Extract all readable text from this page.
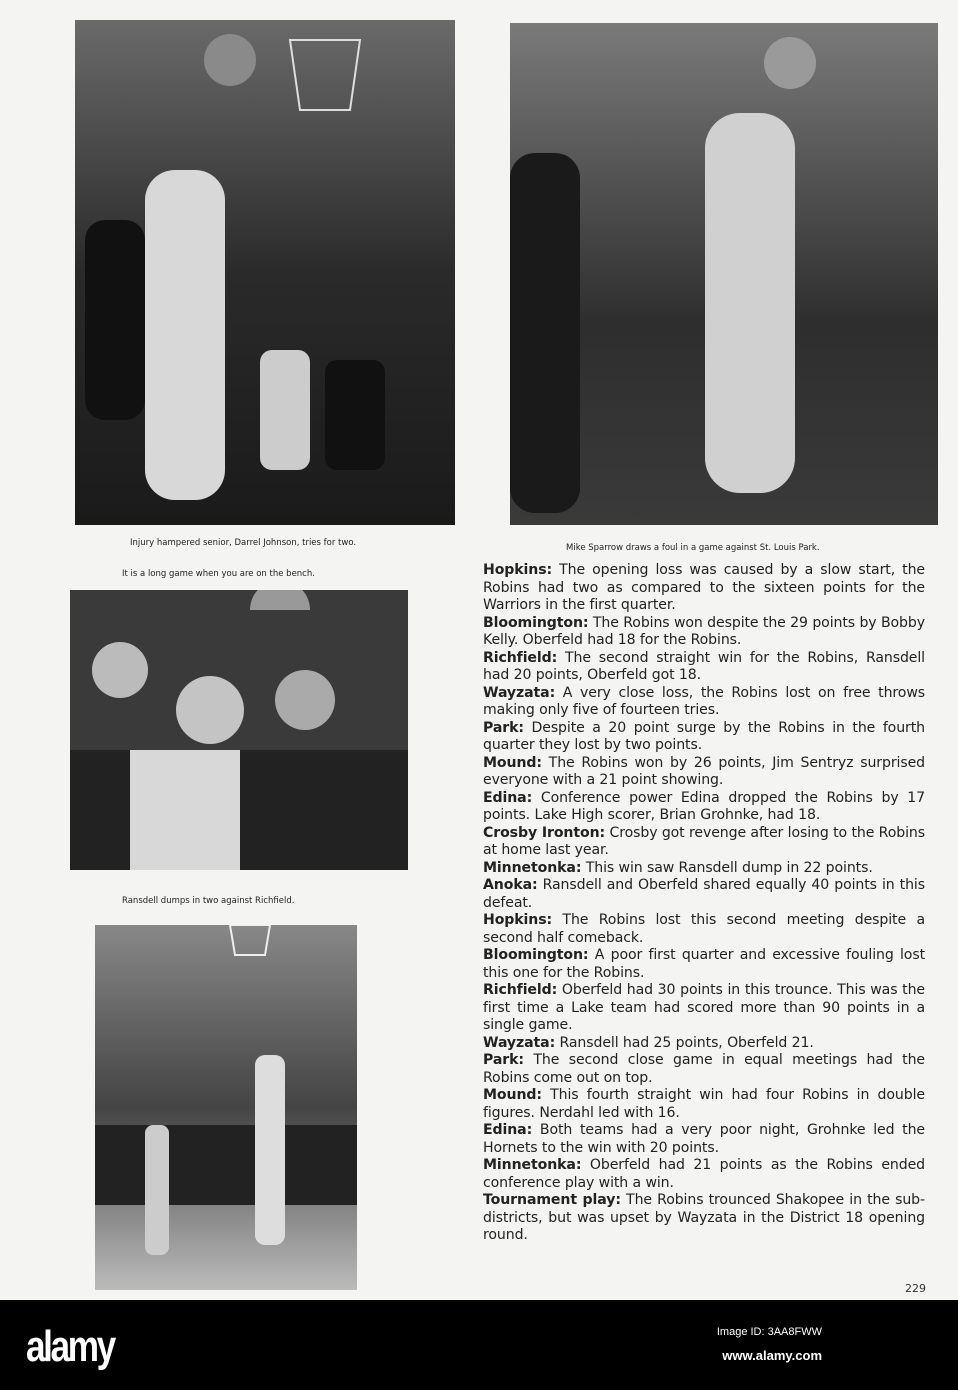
Injury hampered senior, Darrel Johnson, tries for two.	Mike Sparrow draws a foul in a game against St. Louis Park.
It is a long game when you are on the bench.
Ransdell dumps in two against Richfield.

Hopkins: The opening loss was caused by a slow start, the Robins had two as compared to the sixteen points for the Warriors in the first quarter.

Bloomington: The Robins won despite the 29 points by Bobby Kelly. Oberfeld had 18 for the Robins.

Richfield: The second straight win for the Robins, Ransdell had 20 points, Oberfeld got 18.

Wayzata: A very close loss, the Robins lost on free throws making only five of fourteen tries.

Park: Despite a 20 point surge by the Robins in the fourth quarter they lost by two points.

Mound: The Robins won by 26 points, Jim Sentryz surprised everyone with a 21 point showing.

Edina: Conference power Edina dropped the Robins by 17 points. Lake High scorer, Brian Grohnke, had 18.

Crosby Ironton: Crosby got revenge after losing to the Robins at home last year.

Minnetonka: This win saw Ransdell dump in 22 points.

Anoka: Ransdell and Oberfeld shared equally 40 points in this defeat.

Hopkins: The Robins lost this second meeting despite a second half comeback.

Bloomington: A poor first quarter and excessive fouling lost this one for the Robins.

Richfield: Oberfeld had 30 points in this trounce. This was the first time a Lake team had scored more than 90 points in a single game.

Wayzata: Ransdell had 25 points, Oberfeld 21.

Park: The second close game in equal meetings had the Robins come out on top.

Mound: This fourth straight win had four Robins in double figures. Nerdahl led with 16.

Edina: Both teams had a very poor night, Grohnke led the Hornets to the win with 20 points.

Minnetonka: Oberfeld had 21 points as the Robins ended conference play with a win.

Tournament play: The Robins trounced Shakopee in the sub-districts, but was upset by Wayzata in the District 18 opening round.

229
alamy	Image ID: 3AA8FWW
www.alamy.com
